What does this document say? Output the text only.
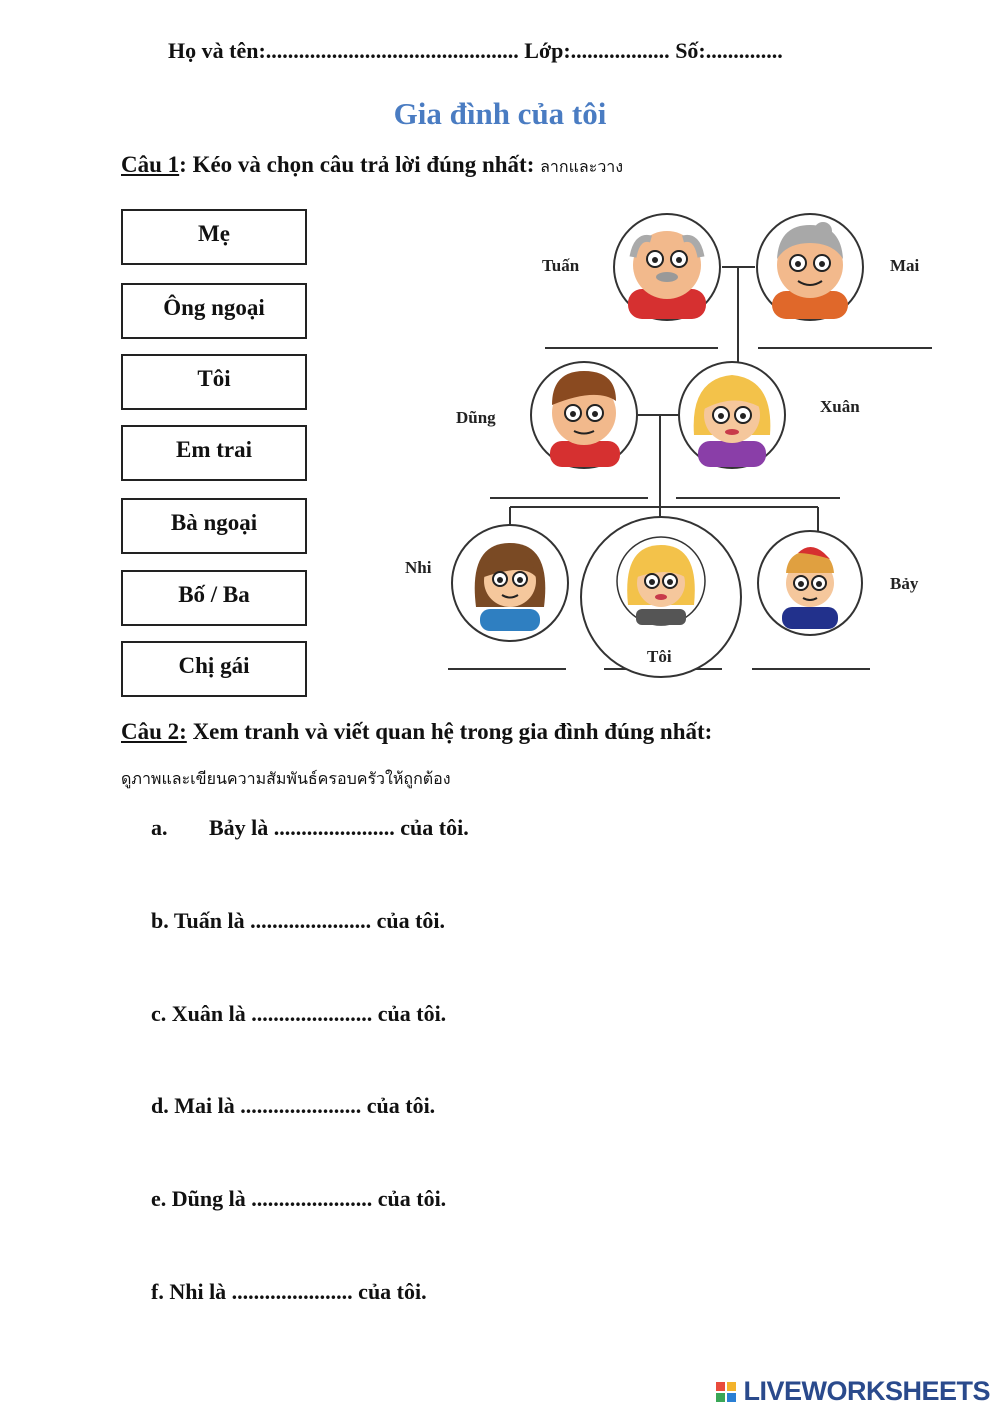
Họ và tên:.............................................. Lớp:.................. Số:..............
Gia đình của tôi
Câu 1: Kéo và chọn câu trả lời đúng nhất: ลากและวาง
Mẹ
Ông ngoại
Tôi
Em trai
Bà ngoại
Bố / Ba
Chị gái
Tuấn	Mai
Dũng
Xuân
Nhi
Tôi
Bảy
Câu 2: Xem tranh và viết quan hệ trong gia đình đúng nhất:
ดูภาพและเขียนความสัมพันธ์ครอบครัวให้ถูกต้อง
a. Bảy là ...................... của tôi.
b. Tuấn là ...................... của tôi.
c. Xuân là ...................... của tôi.
d. Mai là ...................... của tôi.
e. Dũng là ...................... của tôi.
f. Nhi là ...................... của tôi.

LIVEWORKSHEETS
